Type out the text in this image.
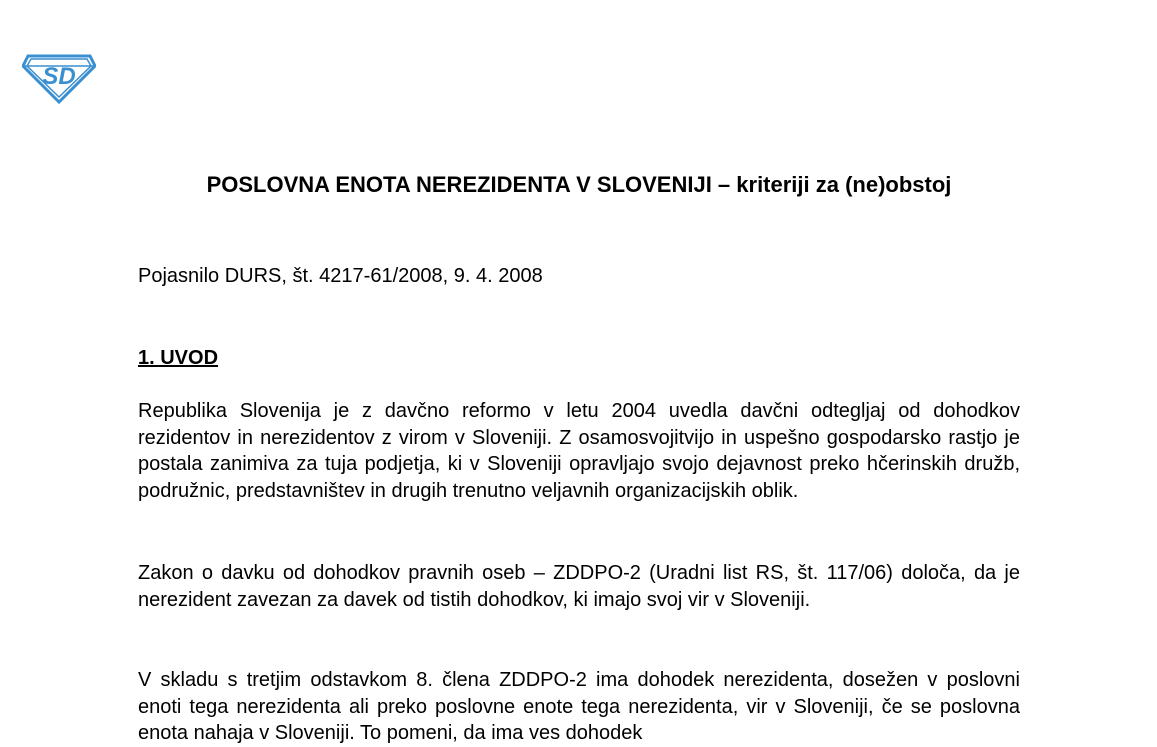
SD
POSLOVNA ENOTA NEREZIDENTA V SLOVENIJI – kriteriji za (ne)obstoj

Pojasnilo DURS, št. 4217-61/2008, 9. 4. 2008

1. UVOD

Republika Slovenija je z davčno reformo v letu 2004 uvedla davčni odtegljaj od dohodkov rezidentov in nerezidentov z virom v Sloveniji. Z osamosvojitvijo in uspešno gospodarsko rastjo je postala zanimiva za tuja podjetja, ki v Sloveniji opravljajo svojo dejavnost preko hčerinskih družb, podružnic, predstavništev in drugih trenutno veljavnih organizacijskih oblik.

Zakon o davku od dohodkov pravnih oseb – ZDDPO-2 (Uradni list RS, št. 117/06) določa, da je nerezident zavezan za davek od tistih dohodkov, ki imajo svoj vir v Sloveniji.

V skladu s tretjim odstavkom 8. člena ZDDPO-2 ima dohodek nerezidenta, dosežen v poslovni enoti tega nerezidenta ali preko poslovne enote tega nerezidenta, vir v Sloveniji, če se poslovna enota nahaja v Sloveniji. To pomeni, da ima ves dohodek
